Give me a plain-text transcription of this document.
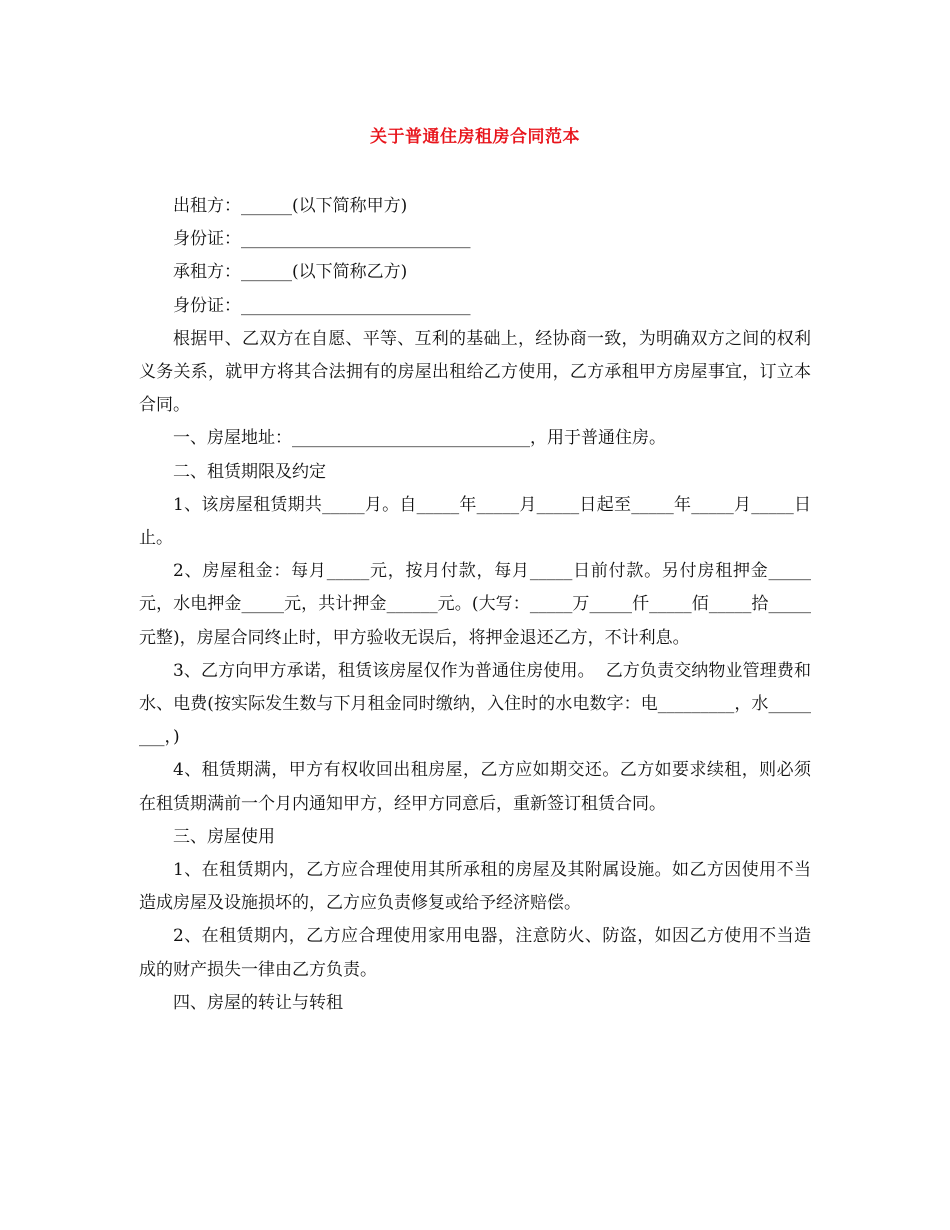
关于普通住房租房合同范本

出租方：______(以下简称甲方)

身份证：___________________________

承租方：______(以下简称乙方)

身份证：___________________________

根据甲、乙双方在自愿、平等、互利的基础上，经协商一致，为明确双方之间的权利义务关系，就甲方将其合法拥有的房屋出租给乙方使用，乙方承租甲方房屋事宜，订立本合同。

一、房屋地址：____________________________，用于普通住房。

二、租赁期限及约定

1、该房屋租赁期共_____月。自_____年_____月_____日起至_____年_____月_____日止。

2、房屋租金：每月_____元，按月付款，每月_____日前付款。另付房租押金_____元，水电押金_____元，共计押金______元。(大写：_____万_____仟_____佰_____拾_____元整)，房屋合同终止时，甲方验收无误后，将押金退还乙方，不计利息。

3、乙方向甲方承诺，租赁该房屋仅作为普通住房使用。  乙方负责交纳物业管理费和水、电费(按实际发生数与下月租金同时缴纳，入住时的水电数字：电_________，水________，)

4、租赁期满，甲方有权收回出租房屋，乙方应如期交还。乙方如要求续租，则必须在租赁期满前一个月内通知甲方，经甲方同意后，重新签订租赁合同。

三、房屋使用

1、在租赁期内，乙方应合理使用其所承租的房屋及其附属设施。如乙方因使用不当造成房屋及设施损坏的，乙方应负责修复或给予经济赔偿。

2、在租赁期内，乙方应合理使用家用电器，注意防火、防盗，如因乙方使用不当造成的财产损失一律由乙方负责。

四、房屋的转让与转租
